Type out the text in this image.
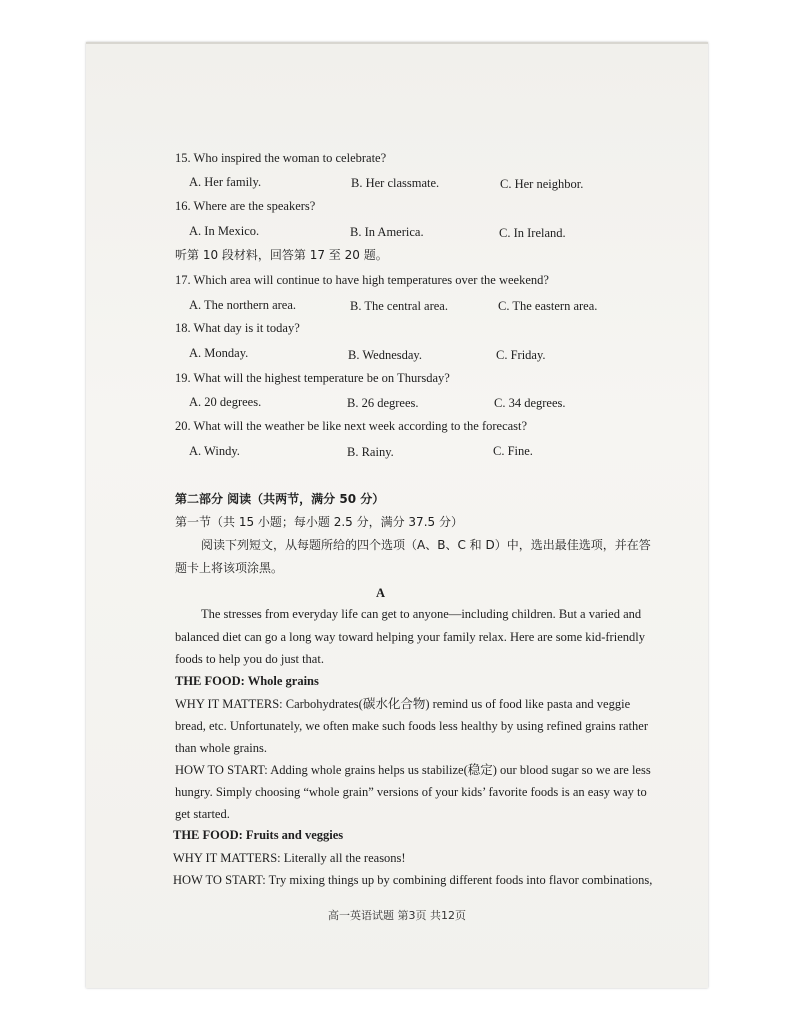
15. Who inspired the woman to celebrate?
A. Her family.	B. Her classmate.	C. Her neighbor.
16. Where are the speakers?
A. In Mexico.	B. In America.	C. In Ireland.
听第 10 段材料，回答第 17 至 20 题。
17. Which area will continue to have high temperatures over the weekend?
A. The northern area.	B. The central area.	C. The eastern area.
18. What day is it today?
A. Monday.	B. Wednesday.	C. Friday.
19. What will the highest temperature be on Thursday?
A. 20 degrees.	B. 26 degrees.	C. 34 degrees.
20. What will the weather be like next week according to the forecast?
A. Windy.	B. Rainy.	C. Fine.
第二部分 阅读（共两节，满分 50 分）
第一节（共 15 小题；每小题 2.5 分，满分 37.5 分）
阅读下列短文，从每题所给的四个选项（A、B、C 和 D）中，选出最佳选项，并在答
题卡上将该项涂黑。
A
The stresses from everyday life can get to anyone—including children. But a varied and
balanced diet can go a long way toward helping your family relax. Here are some kid-friendly
foods to help you do just that.
THE FOOD: Whole grains
WHY IT MATTERS: Carbohydrates(碳水化合物) remind us of food like pasta and veggie
bread, etc. Unfortunately, we often make such foods less healthy by using refined grains rather
than whole grains.
HOW TO START: Adding whole grains helps us stabilize(稳定) our blood sugar so we are less
hungry. Simply choosing “whole grain” versions of your kids’ favorite foods is an easy way to
get started.
THE FOOD: Fruits and veggies
WHY IT MATTERS: Literally all the reasons!
HOW TO START: Try mixing things up by combining different foods into flavor combinations,
高一英语试题 第3页 共12页
